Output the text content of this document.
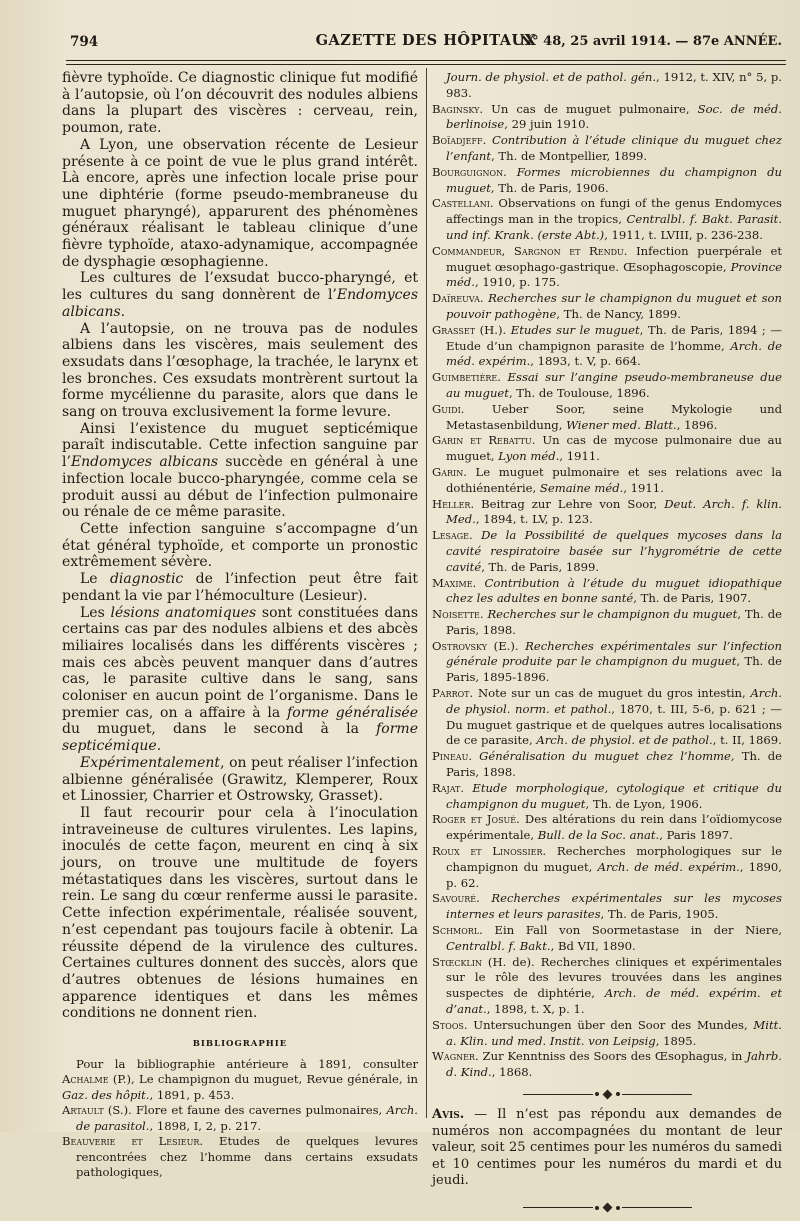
794	GAZETTE DES HÔPITAUX
N° 48, 25 avril 1914. — 87e ANNÉE.

fièvre typhoïde. Ce diagnostic clinique fut modifié à l’autopsie, où l’on découvrit des nodules albiens dans la plupart des viscères : cerveau, rein, poumon, rate.

A Lyon, une observation récente de Lesieur présente à ce point de vue le plus grand intérêt. Là encore, après une infection locale prise pour une diphtérie (forme pseudo-membraneuse du muguet pharyngé), apparurent des phénomènes généraux réalisant le tableau clinique d’une fièvre typhoïde, ataxo-adynamique, accompagnée de dysphagie œsophagienne.

Les cultures de l’exsudat bucco-pharyngé, et les cultures du sang donnèrent de l’Endomyces albicans.

A l’autopsie, on ne trouva pas de nodules albiens dans les viscères, mais seulement des exsudats dans l’œsophage, la trachée, le larynx et les bronches. Ces exsudats montrèrent surtout la forme mycélienne du parasite, alors que dans le sang on trouva exclusivement la forme levure.

Ainsi l’existence du muguet septicémique paraît indiscutable. Cette infection sanguine par l’Endomyces albicans succède en général à une infection locale bucco-pharyngée, comme cela se produit aussi au début de l’infection pulmonaire ou rénale de ce même parasite.

Cette infection sanguine s’accompagne d’un état général typhoïde, et comporte un pronostic extrêmement sévère.

Le diagnostic de l’infection peut être fait pendant la vie par l’hémoculture (Lesieur).

Les lésions anatomiques sont constituées dans certains cas par des nodules albiens et des abcès miliaires localisés dans les différents viscères ; mais ces abcès peuvent manquer dans d’autres cas, le parasite cultive dans le sang, sans coloniser en aucun point de l’organisme. Dans le premier cas, on a affaire à la forme généralisée du muguet, dans le second à la forme septicémique.

Expérimentalement, on peut réaliser l’infection albienne généralisée (Grawitz, Klemperer, Roux et Linossier, Charrier et Ostrowsky, Grasset).

Il faut recourir pour cela à l’inoculation intraveineuse de cultures virulentes. Les lapins, inoculés de cette façon, meurent en cinq à six jours, on trouve une multitude de foyers métastatiques dans les viscères, surtout dans le rein. Le sang du cœur renferme aussi le parasite. Cette infection expérimentale, réalisée souvent, n’est cependant pas toujours facile à obtenir. La réussite dépend de la virulence des cultures. Certaines cultures donnent des succès, alors que d’autres obtenues de lésions humaines en apparence identiques et dans les mêmes conditions ne donnent rien.

BIBLIOGRAPHIE

Pour la bibliographie antérieure à 1891, consulter Achalme (P.), Le champignon du muguet, Revue générale, in Gaz. des hôpit., 1891, p. 453.

Artault (S.). Flore et faune des cavernes pulmonaires, Arch. de parasitol., 1898, I, 2, p. 217.

Beauverie et Lesieur. Etudes de quelques levures rencontrées chez l’homme dans certains exsudats pathologiques,

Journ. de physiol. et de pathol. gén., 1912, t. XIV, n° 5, p. 983.

Baginsky. Un cas de muguet pulmonaire, Soc. de méd. berlinoise, 29 juin 1910.

Boïadjeff. Contribution à l’étude clinique du muguet chez l’enfant, Th. de Montpellier, 1899.

Bourguignon. Formes microbiennes du champignon du muguet, Th. de Paris, 1906.

Castellani. Observations on fungi of the genus Endomyces affectings man in the tropics, Centralbl. f. Bakt. Parasit. und inf. Krank. (erste Abt.), 1911, t. LVIII, p. 236-238.

Commandeur, Sargnon et Rendu. Infection puerpérale et muguet œsophago-gastrique. Œsophagoscopie, Province méd., 1910, p. 175.

Daïreuva. Recherches sur le champignon du muguet et son pouvoir pathogène, Th. de Nancy, 1899.

Grasset (H.). Etudes sur le muguet, Th. de Paris, 1894 ; — Etude d’un champignon parasite de l’homme, Arch. de méd. expérim., 1893, t. V, p. 664.

Guimbetière. Essai sur l’angine pseudo-membraneuse due au muguet, Th. de Toulouse, 1896.

Guidi. Ueber Soor, seine Mykologie und Metastasenbildung, Wiener med. Blatt., 1896.

Garin et Rebattu. Un cas de mycose pulmonaire due au muguet, Lyon méd., 1911.

Garin. Le muguet pulmonaire et ses relations avec la dothiénentérie, Semaine méd., 1911.

Heller. Beitrag zur Lehre von Soor, Deut. Arch. f. klin. Med., 1894, t. LV, p. 123.

Lesage. De la Possibilité de quelques mycoses dans la cavité respiratoire basée sur l’hygrométrie de cette cavité, Th. de Paris, 1899.

Maxime. Contribution à l’étude du muguet idiopathique chez les adultes en bonne santé, Th. de Paris, 1907.

Noisette. Recherches sur le champignon du muguet, Th. de Paris, 1898.

Ostrovsky (E.). Recherches expérimentales sur l’infection générale produite par le champignon du muguet, Th. de Paris, 1895-1896.

Parrot. Note sur un cas de muguet du gros intestin, Arch. de physiol. norm. et pathol., 1870, t. III, 5-6, p. 621 ; — Du muguet gastrique et de quelques autres localisations de ce parasite, Arch. de physiol. et de pathol., t. II, 1869.

Pineau. Généralisation du muguet chez l’homme, Th. de Paris, 1898.

Rajat. Etude morphologique, cytologique et critique du champignon du muguet, Th. de Lyon, 1906.

Roger et Josué. Des altérations du rein dans l’oïdiomycose expérimentale, Bull. de la Soc. anat., Paris 1897.

Roux et Linossier. Recherches morphologiques sur le champignon du muguet, Arch. de méd. expérim., 1890, p. 62.

Savouré. Recherches expérimentales sur les mycoses internes et leurs parasites, Th. de Paris, 1905.

Schmorl. Ein Fall von Soormetastase in der Niere, Centralbl. f. Bakt., Bd VII, 1890.

Stœcklin (H. de). Recherches cliniques et expérimentales sur le rôle des levures trouvées dans les angines suspectes de diphtérie, Arch. de méd. expérim. et d’anat., 1898, t. X, p. 1.

Stoos. Untersuchungen über den Soor des Mundes, Mitt. a. Klin. und med. Instit. von Leipsig, 1895.

Wagner. Zur Kenntniss des Soors des Œsophagus, in Jahrb. d. Kind., 1868.

Avis. — Il n’est pas répondu aux demandes de numéros non accompagnées du montant de leur valeur, soit 25 centimes pour les numéros du samedi et 10 centimes pour les numéros du mardi et du jeudi.
